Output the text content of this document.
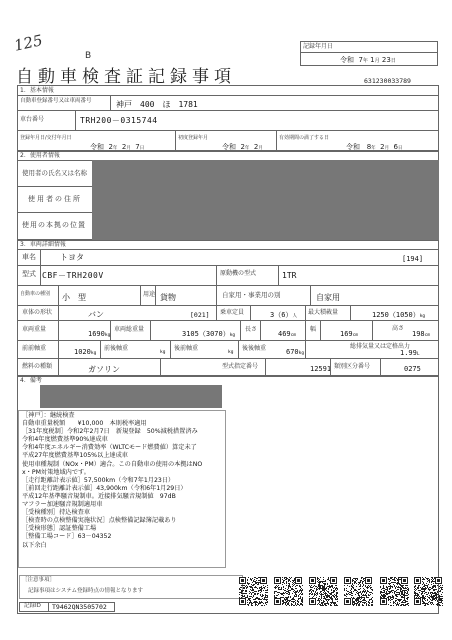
125
B
記録年月日
令和 7年 1月 23日
自動車検査証記録事項	631230033789
1．基本情報
自動車登録番号又は車両番号	神戸　400　ほ　1781
車台番号	TRH200－0315744
登録年月日/交付年月日
令和 2年 2月 7日
初度登録年月
令和 2年 2月
有効期間の満了する日
令和 8年 2月 6日
2．使用者情報
使用者の氏名又は名称
使用者の住所
使用の本拠の位置
3．車両詳細情報
車名	トヨタ	[194]
型式 CBF－TRH200V	原動機の型式	1TR
自動車の種別 小　型	用途 貨物	自家用・事業用の別	自家用
車体の形状	バン	[021] 乗車定員	3（6）人
最大積載量	1250（1050）kg
車両重量
1690kg
車両総重量
3105（3070）kg
長さ
469cm
幅
169cm
高さ
198cm
前前軸重	1020kg
前後軸重
kg
後前軸重
kg
後後軸重	670kg
総排気量又は定格出力
1.99L
燃料の種類	ガソリン	型式指定番号	12591 類別区分番号	0275
4．備考
［神戸］：継続検査
自動車重量税額　　¥10,000　本則税率適用
［31年度税制］令和2年2月7日　新規登録　50%減税措置済み
令和4年度燃費基準90%達成車
令和4年度エネルギー消費効率（WLTCモード燃費値）算定未了
平成27年度燃費基準105%以上達成車
使用車種規制（NOx・PM）適合。この自動車の使用の本拠はNO
x・PM対策地域内です。
［走行距離計表示値］57,500km（令和7年1月23日）
［前回走行距離計表示値］43,900km（令和6年1月29日）
平成12年基準騒音規制車。近接排気騒音規制値　97dB
マフラー加速騒音規制適用車
［受検種別］持込検査車
［検査時の点検整備実施状況］点検整備記録簿記載あり
［受検形態］認証整備工場
［整備工場コード］63－04352
以下余白
［注意事項］
記録事項はシステム登録時点の情報となります
記録ID T9462QN3505702
